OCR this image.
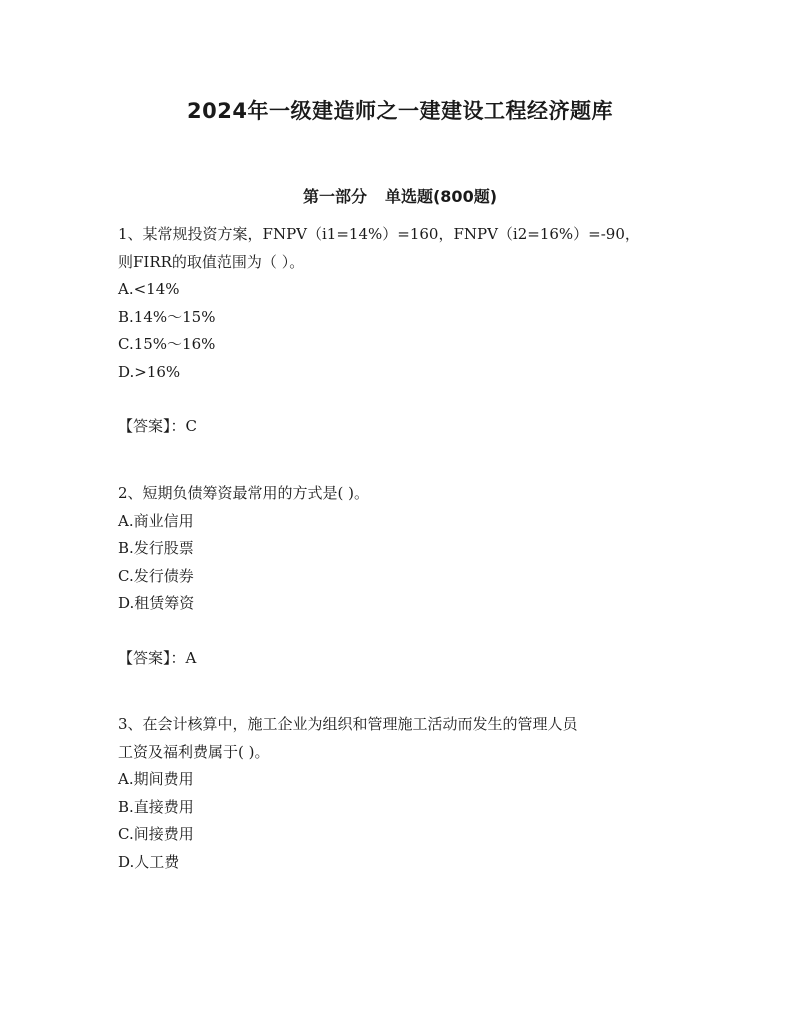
2024年一级建造师之一建建设工程经济题库
第一部分 单选题(800题)
1、某常规投资方案，FNPV（i1=14%）=160，FNPV（i2=16%）=-90，
则FIRR的取值范围为（ ）。
A.<14%
B.14%～15%
C.15%～16%
D.>16%
【答案】：C
2、短期负债筹资最常用的方式是( )。
A.商业信用
B.发行股票
C.发行债券
D.租赁筹资
【答案】：A
3、在会计核算中，施工企业为组织和管理施工活动而发生的管理人员
工资及福利费属于( )。
A.期间费用
B.直接费用
C.间接费用
D.人工费
